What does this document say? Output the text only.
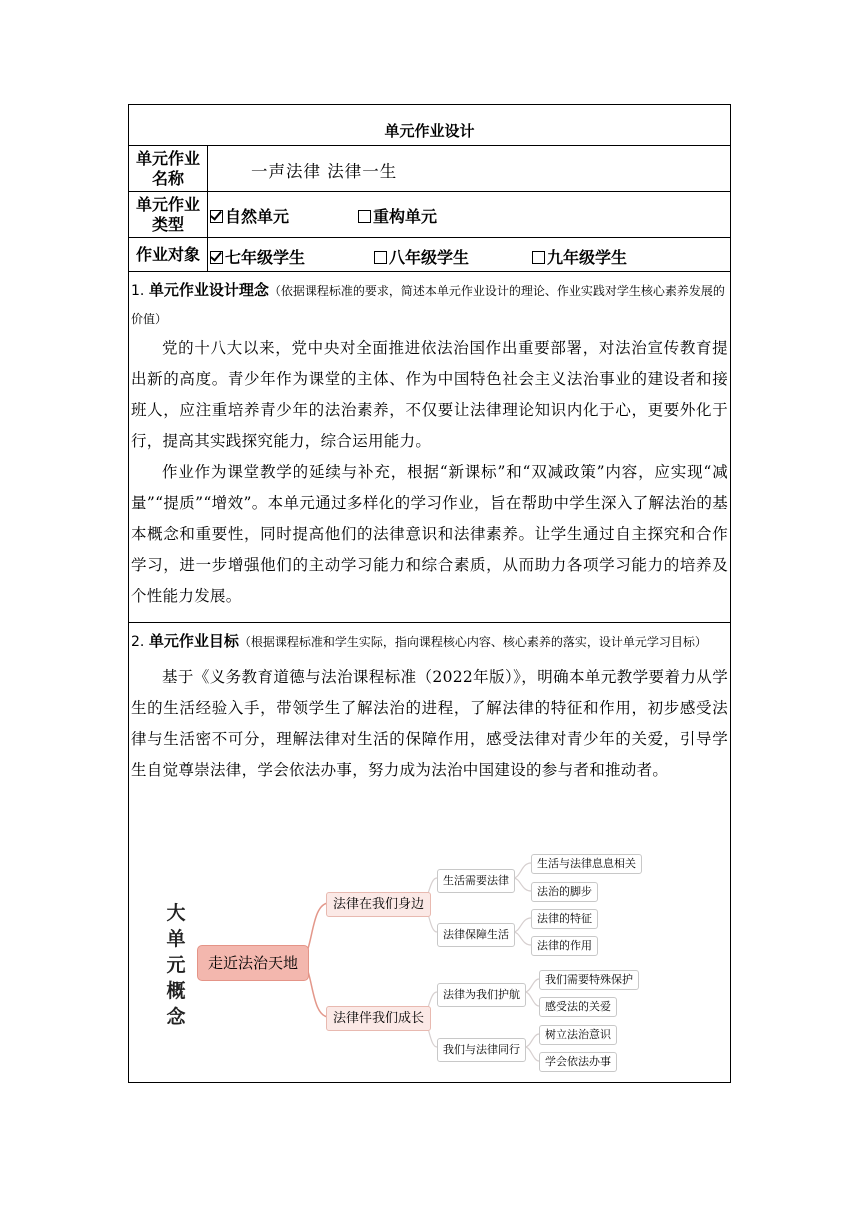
单元作业设计
单元作业名称	一声法律 法律一生
单元作业类型	自然单元	重构单元
作业对象	七年级学生	八年级学生	九年级学生
1. 单元作业设计理念（依据课程标准的要求，简述本单元作业设计的理论、作业实践对学生核心素养发展的价值）

党的十八大以来，党中央对全面推进依法治国作出重要部署，对法治宣传教育提出新的高度。青少年作为课堂的主体、作为中国特色社会主义法治事业的建设者和接班人，应注重培养青少年的法治素养，不仅要让法律理论知识内化于心，更要外化于行，提高其实践探究能力，综合运用能力。

作业作为课堂教学的延续与补充，根据“新课标”和“双减政策”内容，应实现“减量”“提质”“增效”。本单元通过多样化的学习作业，旨在帮助中学生深入了解法治的基本概念和重要性，同时提高他们的法律意识和法律素养。让学生通过自主探究和合作学习，进一步增强他们的主动学习能力和综合素质，从而助力各项学习能力的培养及个性能力发展。

2. 单元作业目标（根据课程标准和学生实际，指向课程核心内容、核心素养的落实，设计单元学习目标）

基于《义务教育道德与法治课程标准（2022年版）》，明确本单元教学要着力从学生的生活经验入手，带领学生了解法治的进程，了解法律的特征和作用，初步感受法律与生活密不可分，理解法律对生活的保障作用，感受法律对青少年的关爱，引导学生自觉尊崇法律，学会依法办事，努力成为法治中国建设的参与者和推动者。

大
单
元
概
念
走近法治天地
法律在我们身边
法律伴我们成长
生活需要法律
法律保障生活
法律为我们护航
我们与法律同行
生活与法律息息相关
法治的脚步
法律的特征
法律的作用
我们需要特殊保护
感受法的关爱
树立法治意识
学会依法办事
